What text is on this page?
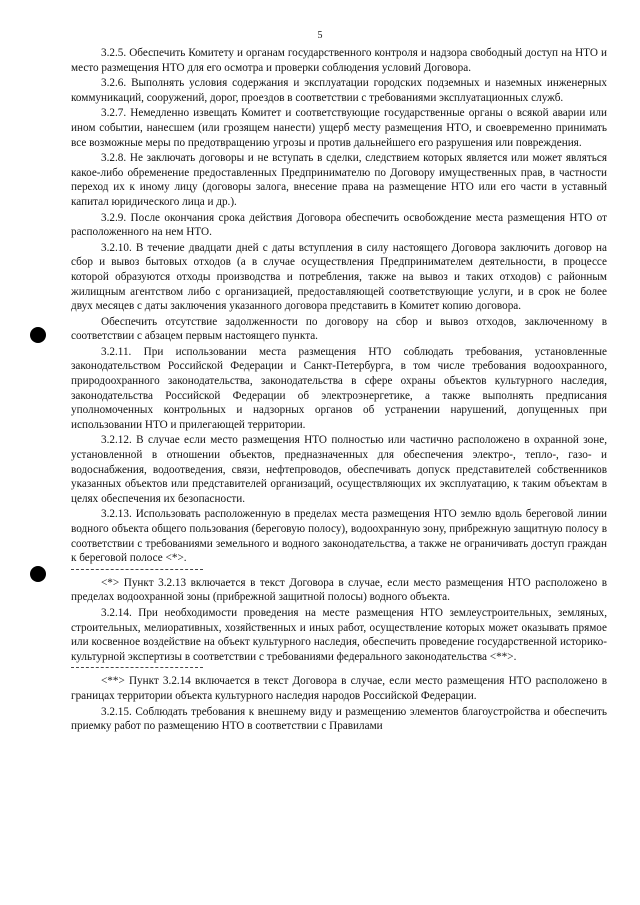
5

3.2.5. Обеспечить Комитету и органам государственного контроля и надзора свободный доступ на НТО и место размещения НТО для его осмотра и проверки соблюдения условий Договора.

3.2.6. Выполнять условия содержания и эксплуатации городских подземных и наземных инженерных коммуникаций, сооружений, дорог, проездов в соответствии с требованиями эксплуатационных служб.

3.2.7. Немедленно извещать Комитет и соответствующие государственные органы о всякой аварии или ином событии, нанесшем (или грозящем нанести) ущерб месту размещения НТО, и своевременно принимать все возможные меры по предотвращению угрозы и против дальнейшего его разрушения или повреждения.

3.2.8. Не заключать договоры и не вступать в сделки, следствием которых является или может являться какое-либо обременение предоставленных Предпринимателю по Договору имущественных прав, в частности переход их к иному лицу (договоры залога, внесение права на размещение НТО или его части в уставный капитал юридического лица и др.).

3.2.9. После окончания срока действия Договора обеспечить освобождение места размещения НТО от расположенного на нем НТО.

3.2.10. В течение двадцати дней с даты вступления в силу настоящего Договора заключить договор на сбор и вывоз бытовых отходов (а в случае осуществления Предпринимателем деятельности, в процессе которой образуются отходы производства и потребления, также на вывоз и таких отходов) с районным жилищным агентством либо с организацией, предоставляющей соответствующие услуги, и в срок не более двух месяцев с даты заключения указанного договора представить в Комитет копию договора.

Обеспечить отсутствие задолженности по договору на сбор и вывоз отходов, заключенному в соответствии с абзацем первым настоящего пункта.

3.2.11. При использовании места размещения НТО соблюдать требования, установленные законодательством Российской Федерации и Санкт-Петербурга, в том числе требования водоохранного, природоохранного законодательства, законодательства в сфере охраны объектов культурного наследия, законодательства Российской Федерации об электроэнергетике, а также выполнять предписания уполномоченных контрольных и надзорных органов об устранении нарушений, допущенных при использовании НТО и прилегающей территории.

3.2.12. В случае если место размещения НТО полностью или частично расположено в охранной зоне, установленной в отношении объектов, предназначенных для обеспечения электро-, тепло-, газо- и водоснабжения, водоотведения, связи, нефтепроводов, обеспечивать допуск представителей собственников указанных объектов или представителей организаций, осуществляющих их эксплуатацию, к таким объектам в целях обеспечения их безопасности.

3.2.13. Использовать расположенную в пределах места размещения НТО землю вдоль береговой линии водного объекта общего пользования (береговую полосу), водоохранную зону, прибрежную защитную полосу в соответствии с требованиями земельного и водного законодательства, а также не ограничивать доступ граждан к береговой полосе <*>.

<*> Пункт 3.2.13 включается в текст Договора в случае, если место размещения НТО расположено в пределах водоохранной зоны (прибрежной защитной полосы) водного объекта.

3.2.14. При необходимости проведения на месте размещения НТО землеустроительных, земляных, строительных, мелиоративных, хозяйственных и иных работ, осуществление которых может оказывать прямое или косвенное воздействие на объект культурного наследия, обеспечить проведение государственной историко-культурной экспертизы в соответствии с требованиями федерального законодательства <**>.

<**> Пункт 3.2.14 включается в текст Договора в случае, если место размещения НТО расположено в границах территории объекта культурного наследия народов Российской Федерации.

3.2.15. Соблюдать требования к внешнему виду и размещению элементов благоустройства и обеспечить приемку работ по размещению НТО в соответствии с Правилами
